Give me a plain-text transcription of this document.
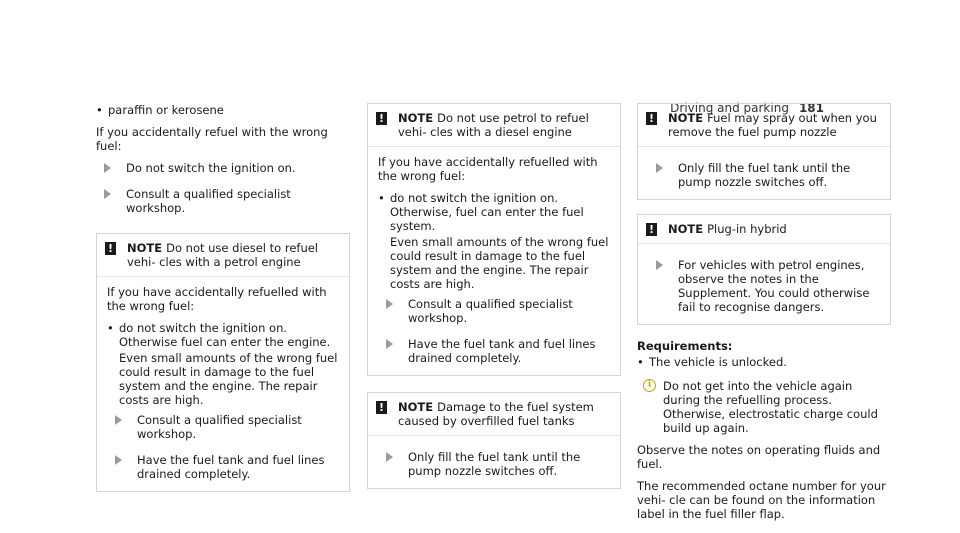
Driving and parking 181
• paraffin or kerosene

If you accidentally refuel with the wrong fuel:

Do not switch the ignition on.
Consult a qualified specialist workshop.
! NOTE Do not use diesel to refuel vehi- cles with a petrol engine

If you have accidentally refuelled with the wrong fuel:

• do not switch the ignition on. Otherwise fuel can enter the engine.

Even small amounts of the wrong fuel could result in damage to the fuel system and the engine. The repair costs are high.

Consult a qualified specialist workshop.
Have the fuel tank and fuel lines drained completely.
! NOTE Do not use petrol to refuel vehi- cles with a diesel engine

If you have accidentally refuelled with the wrong fuel:

• do not switch the ignition on. Otherwise, fuel can enter the fuel system.

Even small amounts of the wrong fuel could result in damage to the fuel system and the engine. The repair costs are high.

Consult a qualified specialist workshop.
Have the fuel tank and fuel lines drained completely.
! NOTE Damage to the fuel system caused by overfilled fuel tanks
Only fill the fuel tank until the pump nozzle switches off.
! NOTE Fuel may spray out when you remove the fuel pump nozzle
Only fill the fuel tank until the pump nozzle switches off.
! NOTE Plug-in hybrid
For vehicles with petrol engines, observe the notes in the Supplement. You could otherwise fail to recognise dangers.
Requirements:
• The vehicle is unlocked.
i	Do not get into the vehicle again during the refuelling process. Otherwise, electrostatic charge could build up again.

Observe the notes on operating fluids and fuel.

The recommended octane number for your vehi- cle can be found on the information label in the fuel filler flap.
